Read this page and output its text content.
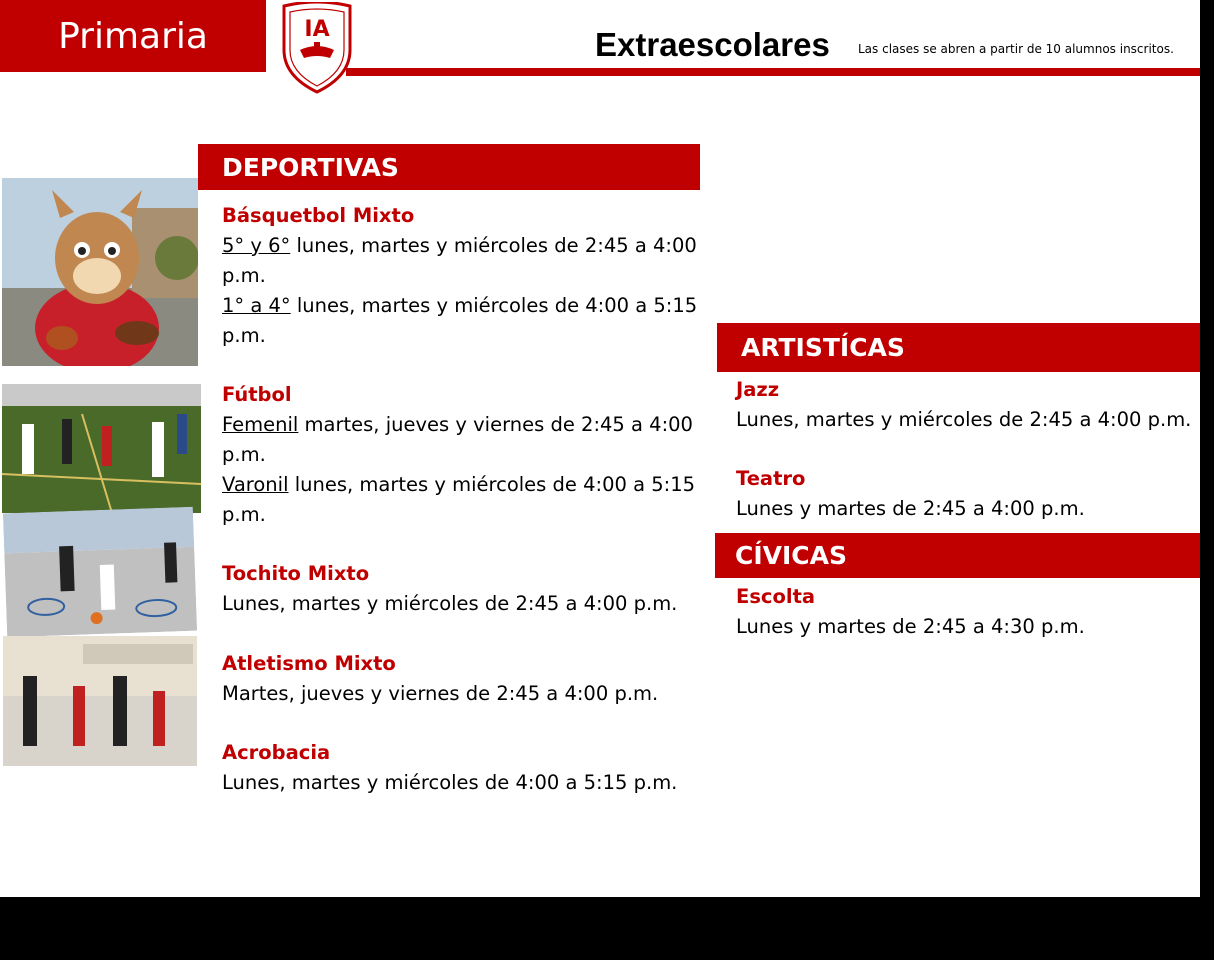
Primaria	IA	Extraescolares Las clases se abren a partir de 10 alumnos inscritos.
DEPORTIVAS
Básquetbol Mixto
5° y 6° lunes, martes y miércoles de 2:45 a 4:00
p.m.
1° a 4° lunes, martes y miércoles de 4:00 a 5:15
p.m.
Fútbol
Femenil martes, jueves y viernes de 2:45 a 4:00
p.m.
Varonil lunes, martes y miércoles de 4:00 a 5:15
p.m.
Tochito Mixto
Lunes, martes y miércoles de 2:45 a 4:00 p.m.
Atletismo Mixto
Martes, jueves y viernes de 2:45 a 4:00 p.m.
Acrobacia
Lunes, martes y miércoles de 4:00 a 5:15 p.m.
ARTISTÍCAS
Jazz
Lunes, martes y miércoles de 2:45 a 4:00 p.m.
Teatro
Lunes y martes de 2:45 a 4:00 p.m.
CÍVICAS
Escolta
Lunes y martes de 2:45 a 4:30 p.m.
